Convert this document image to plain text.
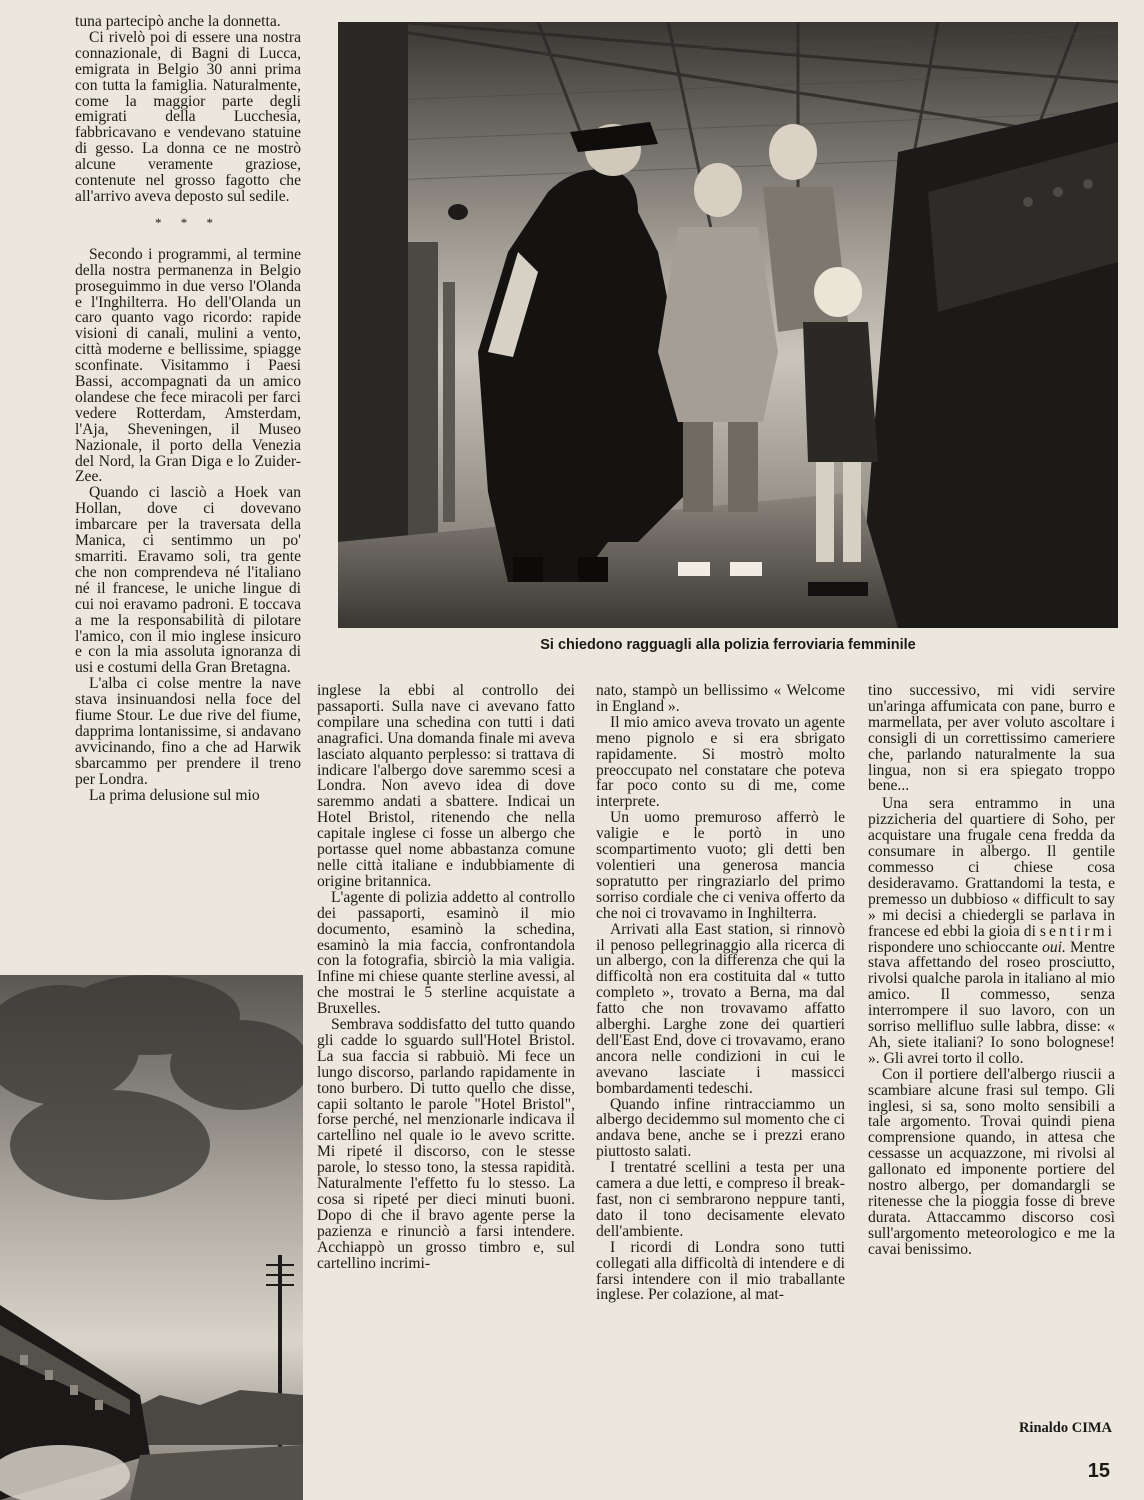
tuna partecipò anche la donnetta.

Ci rivelò poi di essere una nostra connazionale, di Bagni di Lucca, emigrata in Belgio 30 anni prima con tutta la famiglia. Naturalmente, come la maggior parte degli emigrati della Lucchesia, fabbricavano e vendevano statuine di gesso. La donna ce ne mostrò alcune veramente graziose, contenute nel grosso fagotto che all'arrivo aveva deposto sul sedile.

* * *

Secondo i programmi, al termine della nostra permanenza in Belgio proseguimmo in due verso l'Olanda e l'Inghilterra. Ho dell'Olanda un caro quanto vago ricordo: rapide visioni di canali, mulini a vento, città moderne e bellissime, spiagge sconfinate. Visitammo i Paesi Bassi, accompagnati da un amico olandese che fece miracoli per farci vedere Rotterdam, Amsterdam, l'Aja, Sheveningen, il Museo Nazionale, il porto della Venezia del Nord, la Gran Diga e lo Zuider-Zee.

Quando ci lasciò a Hoek van Hollan, dove ci dovevano imbarcare per la traversata della Manica, ci sentimmo un po' smarriti. Eravamo soli, tra gente che non comprendeva né l'italiano né il francese, le uniche lingue di cui noi eravamo padroni. E toccava a me la responsabilità di pilotare l'amico, con il mio inglese insicuro e con la mia assoluta ignoranza di usi e costumi della Gran Bretagna.

L'alba ci colse mentre la nave stava insinuandosi nella foce del fiume Stour. Le due rive del fiume, dapprima lontanissime, si andavano avvicinando, fino a che ad Harwik sbarcammo per prendere il treno per Londra.

La prima delusione sul mio

Si chiedono ragguagli alla polizia ferroviaria femminile

inglese la ebbi al controllo dei passaporti. Sulla nave ci avevano fatto compilare una schedina con tutti i dati anagrafici. Una domanda finale mi aveva lasciato alquanto perplesso: si trattava di indicare l'albergo dove saremmo scesi a Londra. Non avevo idea di dove saremmo andati a sbattere. Indicai un Hotel Bristol, ritenendo che nella capitale inglese ci fosse un albergo che portasse quel nome abbastanza comune nelle città italiane e indubbiamente di origine britannica.

L'agente di polizia addetto al controllo dei passaporti, esaminò il mio documento, esaminò la schedina, esaminò la mia faccia, confrontandola con la fotografia, sbirciò la mia valigia. Infine mi chiese quante sterline avessi, al che mostrai le 5 sterline acquistate a Bruxelles.

Sembrava soddisfatto del tutto quando gli cadde lo sguardo sull'Hotel Bristol. La sua faccia si rabbuiò. Mi fece un lungo discorso, parlando rapidamente in tono burbero. Di tutto quello che disse, capii soltanto le parole "Hotel Bristol", forse perché, nel menzionarle indicava il cartellino nel quale io le avevo scritte. Mi ripeté il discorso, con le stesse parole, lo stesso tono, la stessa rapidità. Naturalmente l'effetto fu lo stesso. La cosa si ripeté per dieci minuti buoni. Dopo di che il bravo agente perse la pazienza e rinunciò a farsi intendere. Acchiappò un grosso timbro e, sul cartellino incrimi-

nato, stampò un bellissimo « Welcome in England ».

Il mio amico aveva trovato un agente meno pignolo e si era sbrigato rapidamente. Si mostrò molto preoccupato nel constatare che poteva far poco conto su di me, come interprete.

Un uomo premuroso afferrò le valigie e le portò in uno scompartimento vuoto; gli detti ben volentieri una generosa mancia sopratutto per ringraziarlo del primo sorriso cordiale che ci veniva offerto da che noi ci trovavamo in Inghilterra.

Arrivati alla East station, si rinnovò il penoso pellegrinaggio alla ricerca di un albergo, con la differenza che qui la difficoltà non era costituita dal « tutto completo », trovato a Berna, ma dal fatto che non trovavamo affatto alberghi. Larghe zone dei quartieri dell'East End, dove ci trovavamo, erano ancora nelle condizioni in cui le avevano lasciate i massicci bombardamenti tedeschi.

Quando infine rintracciammo un albergo decidemmo sul momento che ci andava bene, anche se i prezzi erano piuttosto salati.

I trentatré scellini a testa per una camera a due letti, e compreso il break-fast, non ci sembrarono neppure tanti, dato il tono decisamente elevato dell'ambiente.

I ricordi di Londra sono tutti collegati alla difficoltà di intendere e di farsi intendere con il mio traballante inglese. Per colazione, al mat-

tino successivo, mi vidi servire un'aringa affumicata con pane, burro e marmellata, per aver voluto ascoltare i consigli di un correttissimo cameriere che, parlando naturalmente la sua lingua, non si era spiegato troppo bene...

Una sera entrammo in una pizzicheria del quartiere di Soho, per acquistare una frugale cena fredda da consumare in albergo. Il gentile commesso ci chiese cosa desideravamo. Grattandomi la testa, e premesso un dubbioso « difficult to say » mi decisi a chiedergli se parlava in francese ed ebbi la gioia di sentirmi rispondere uno schioccante oui. Mentre stava affettando del roseo prosciutto, rivolsi qualche parola in italiano al mio amico. Il commesso, senza interrompere il suo lavoro, con un sorriso mellifluo sulle labbra, disse: « Ah, siete italiani? Io sono bolognese! ». Gli avrei torto il collo.

Con il portiere dell'albergo riuscii a scambiare alcune frasi sul tempo. Gli inglesi, si sa, sono molto sensibili a tale argomento. Trovai quindi piena comprensione quando, in attesa che cessasse un acquazzone, mi rivolsi al gallonato ed imponente portiere del nostro albergo, per domandargli se ritenesse che la pioggia fosse di breve durata. Attaccammo discorso così sull'argomento meteorologico e me la cavai benissimo.

Rinaldo CIMA
15
